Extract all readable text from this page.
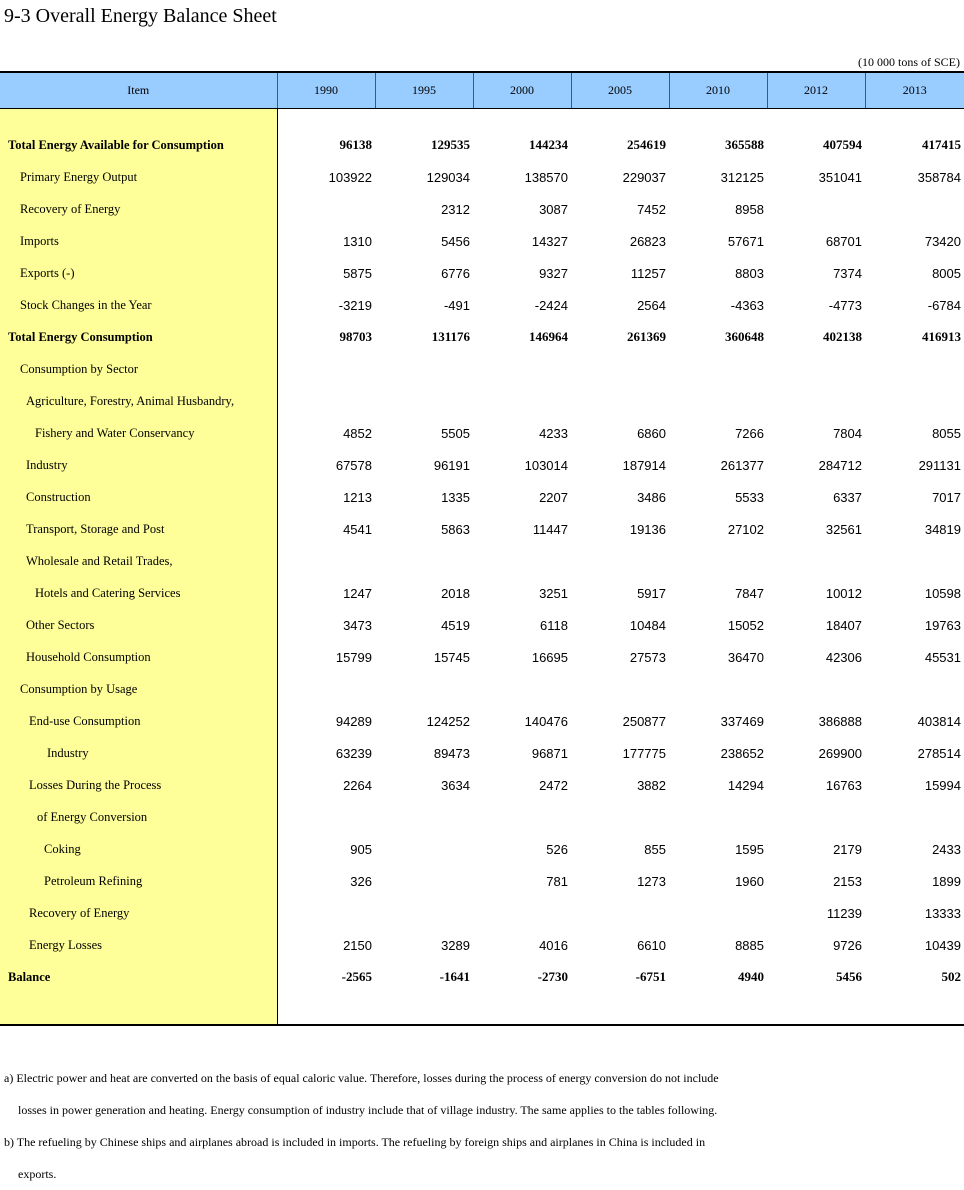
9-3 Overall Energy Balance Sheet
(10 000 tons of SCE)
Item	1990	1995	2000	2005	2010	2012	2013

Total Energy Available for Consumption	96138	129535	144234	254619	365588	407594	417415
Primary Energy Output	103922	129034	138570	229037	312125	351041	358784
Recovery of Energy		2312	3087	7452	8958		
Imports	1310	5456	14327	26823	57671	68701	73420
Exports (-)	5875	6776	9327	11257	8803	7374	8005
Stock Changes in the Year	-3219	-491	-2424	2564	-4363	-4773	-6784
Total Energy Consumption	98703	131176	146964	261369	360648	402138	416913
Consumption by Sector							
Agriculture, Forestry, Animal Husbandry,							
Fishery and Water Conservancy	4852	5505	4233	6860	7266	7804	8055
Industry	67578	96191	103014	187914	261377	284712	291131
Construction	1213	1335	2207	3486	5533	6337	7017
Transport, Storage and Post	4541	5863	11447	19136	27102	32561	34819
Wholesale and Retail Trades,							
Hotels and Catering Services	1247	2018	3251	5917	7847	10012	10598
Other Sectors	3473	4519	6118	10484	15052	18407	19763
Household Consumption	15799	15745	16695	27573	36470	42306	45531
Consumption by Usage							
End-use Consumption	94289	124252	140476	250877	337469	386888	403814
Industry	63239	89473	96871	177775	238652	269900	278514
Losses During the Process	2264	3634	2472	3882	14294	16763	15994
of Energy Conversion							
Coking	905		526	855	1595	2179	2433
Petroleum Refining	326		781	1273	1960	2153	1899
Recovery of Energy						11239	13333
Energy Losses	2150	3289	4016	6610	8885	9726	10439
Balance	-2565	-1641	-2730	-6751	4940	5456	502

a) Electric power and heat are converted on the basis of equal caloric value. Therefore, losses during the process of energy conversion do not include

losses in power generation and heating. Energy consumption of industry include that of village industry. The same applies to the tables following.

b) The refueling by Chinese ships and airplanes abroad is included in imports. The refueling by foreign ships and airplanes in China is included in

exports.
